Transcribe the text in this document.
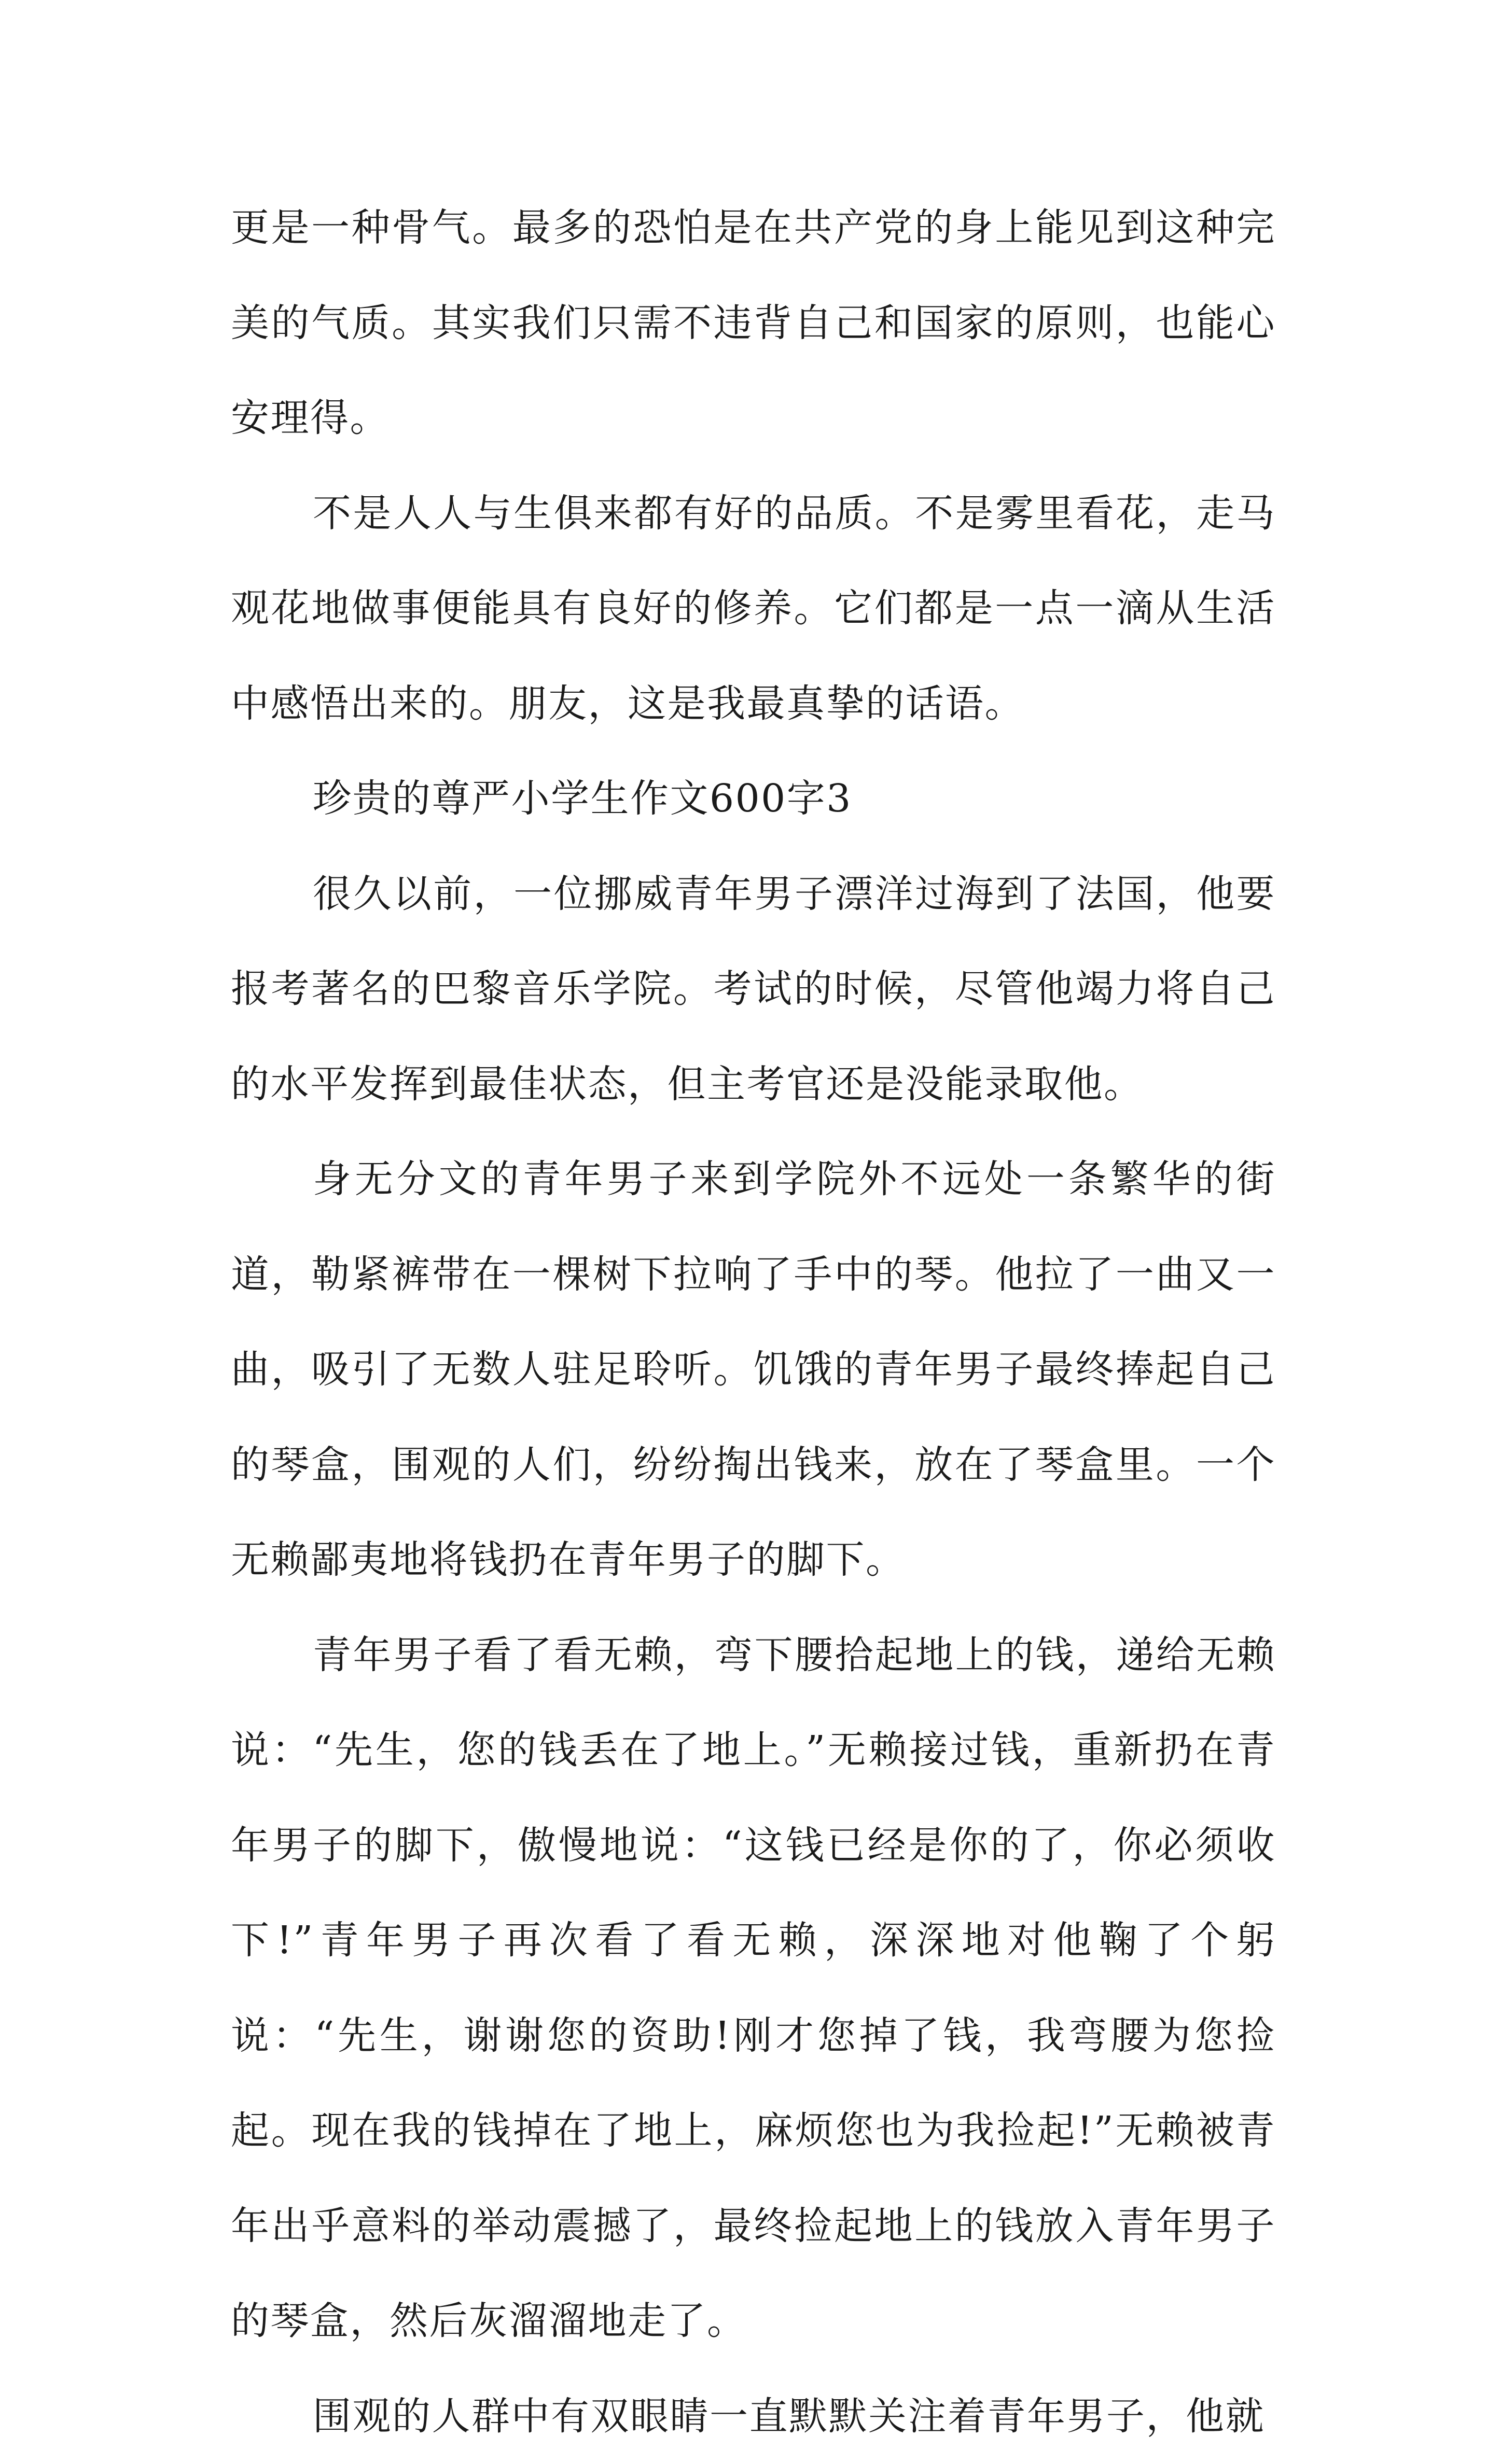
更是一种骨气。最多的恐怕是在共产党的身上能见到这种完美的气质。其实我们只需不违背自己和国家的原则，也能心安理得。

不是人人与生俱来都有好的品质。不是雾里看花，走马观花地做事便能具有良好的修养。它们都是一点一滴从生活中感悟出来的。朋友，这是我最真挚的话语。

珍贵的尊严小学生作文600字3

很久以前，一位挪威青年男子漂洋过海到了法国，他要报考著名的巴黎音乐学院。考试的时候，尽管他竭力将自己的水平发挥到最佳状态，但主考官还是没能录取他。

身无分文的青年男子来到学院外不远处一条繁华的街道，勒紧裤带在一棵树下拉响了手中的琴。他拉了一曲又一曲，吸引了无数人驻足聆听。饥饿的青年男子最终捧起自己的琴盒，围观的人们，纷纷掏出钱来，放在了琴盒里。一个无赖鄙夷地将钱扔在青年男子的脚下。

青年男子看了看无赖，弯下腰拾起地上的钱，递给无赖说：“先生，您的钱丢在了地上。”无赖接过钱，重新扔在青年男子的脚下，傲慢地说：“这钱已经是你的了，你必须收下!”青年男子再次看了看无赖，深深地对他鞠了个躬说：“先生，谢谢您的资助!刚才您掉了钱，我弯腰为您捡起。现在我的钱掉在了地上，麻烦您也为我捡起!”无赖被青年出乎意料的举动震撼了，最终捡起地上的钱放入青年男子的琴盒，然后灰溜溜地走了。

围观的人群中有双眼睛一直默默关注着青年男子，他就
